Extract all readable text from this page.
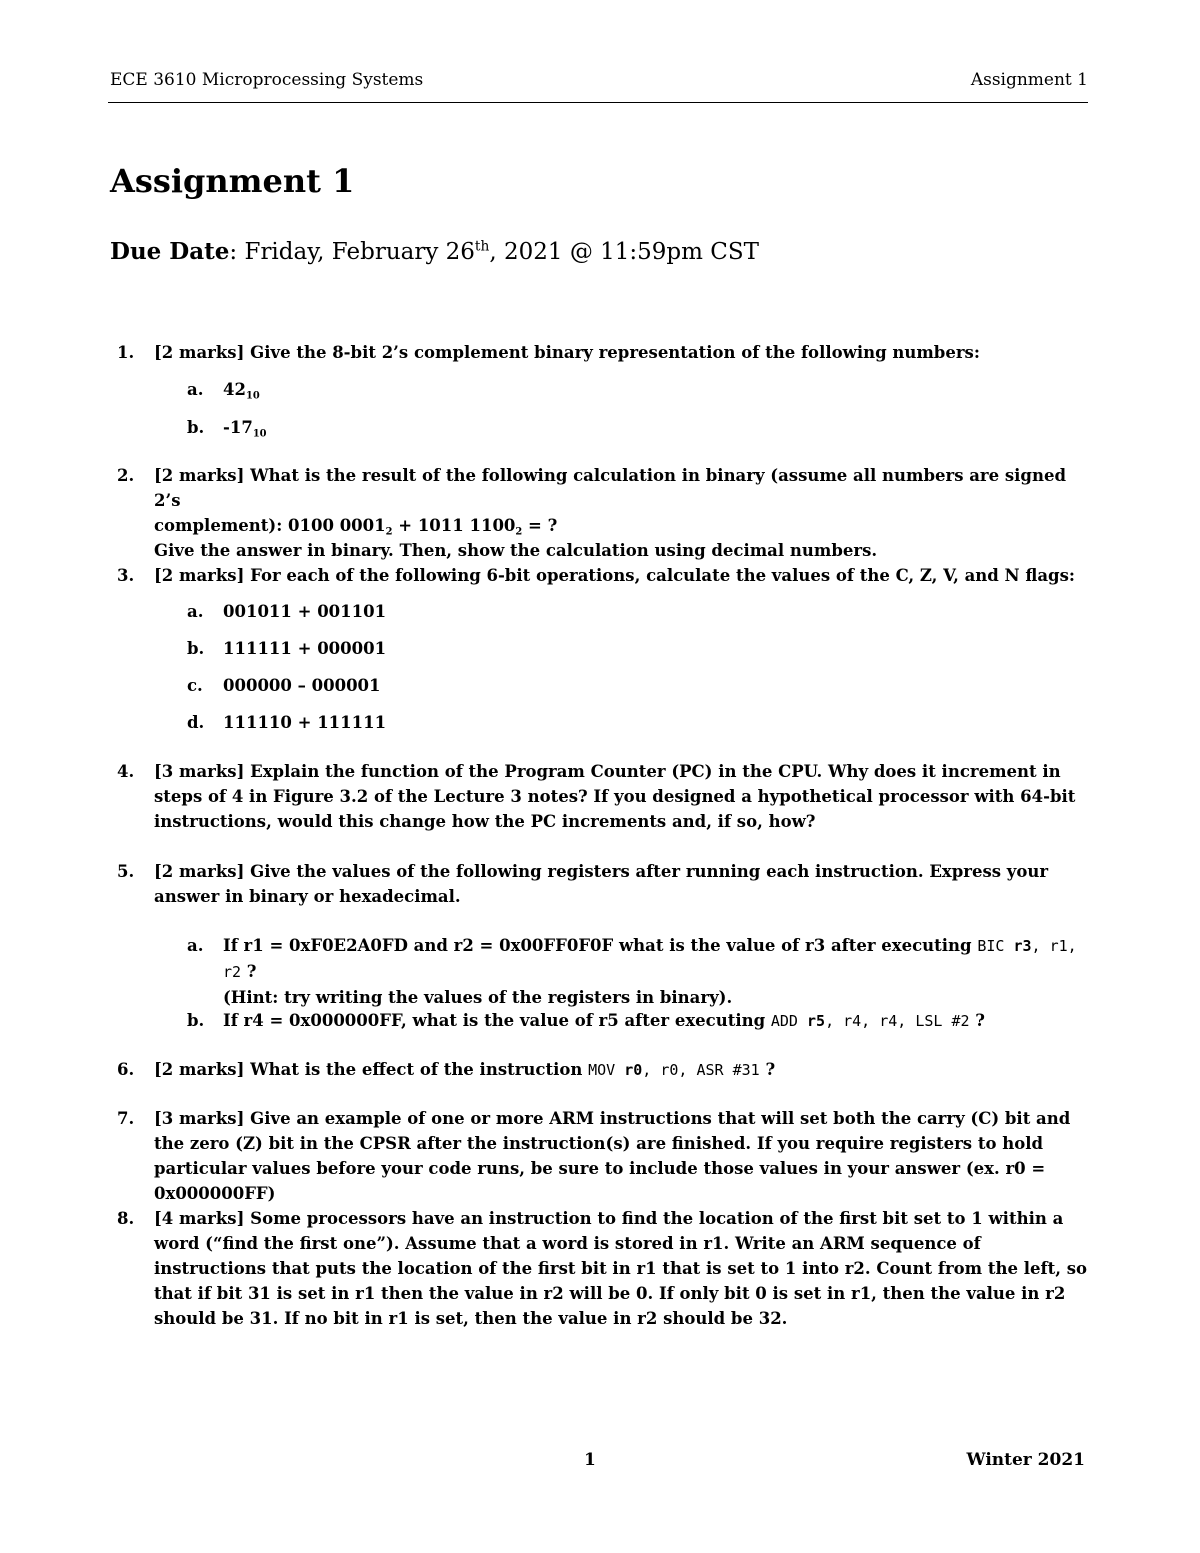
ECE 3610 Microprocessing Systems	Assignment 1
Assignment 1
Due Date: Friday, February 26th, 2021 @ 11:59pm CST
1. [2 marks] Give the 8-bit 2’s complement binary representation of the following numbers:
a. $42_{10}$
b. $-17_{10}$
2. [2 marks] What is the result of the following calculation in binary (assume all numbers are signed 2’s
complement): 0100 $0001_2 + 1011$ $1100_2$ = ?
Give the answer in binary. Then, show the calculation using decimal numbers.
3. [2 marks] For each of the following 6-bit operations, calculate the values of the C, Z, V, and N flags:
a. 001011 + 001101
b. 111111 + 000001
c. 000000 – 000001
d. 111110 + 111111
4. [3 marks] Explain the function of the Program Counter (PC) in the CPU. Why does it increment in steps of 4 in Figure 3.2 of the Lecture 3 notes? If you designed a hypothetical processor with 64-bit instructions, would this change how the PC increments and, if so, how?
5. [2 marks] Give the values of the following registers after running each instruction. Express your answer in binary or hexadecimal.
a. If r1 = 0xF0E2A0FD and r2 = 0x00FF0F0F what is the value of r3 after executing BIC r3, r1, r2 ?
(Hint: try writing the values of the registers in binary).
b. If r4 = 0x000000FF, what is the value of r5 after executing ADD r5, r4, r4, LSL #2 ?
6. [2 marks] What is the effect of the instruction MOV r0, r0, ASR #31 ?
7. [3 marks] Give an example of one or more ARM instructions that will set both the carry (C) bit and the zero (Z) bit in the CPSR after the instruction(s) are finished. If you require registers to hold particular values before your code runs, be sure to include those values in your answer (ex. r0 = 0x000000FF)
8. [4 marks] Some processors have an instruction to find the location of the first bit set to 1 within a word (“find the first one”). Assume that a word is stored in r1. Write an ARM sequence of instructions that puts the location of the first bit in r1 that is set to 1 into r2. Count from the left, so that if bit 31 is set in r1 then the value in r2 will be 0. If only bit 0 is set in r1, then the value in r2 should be 31. If no bit in r1 is set, then the value in r2 should be 32.
1	Winter 2021
